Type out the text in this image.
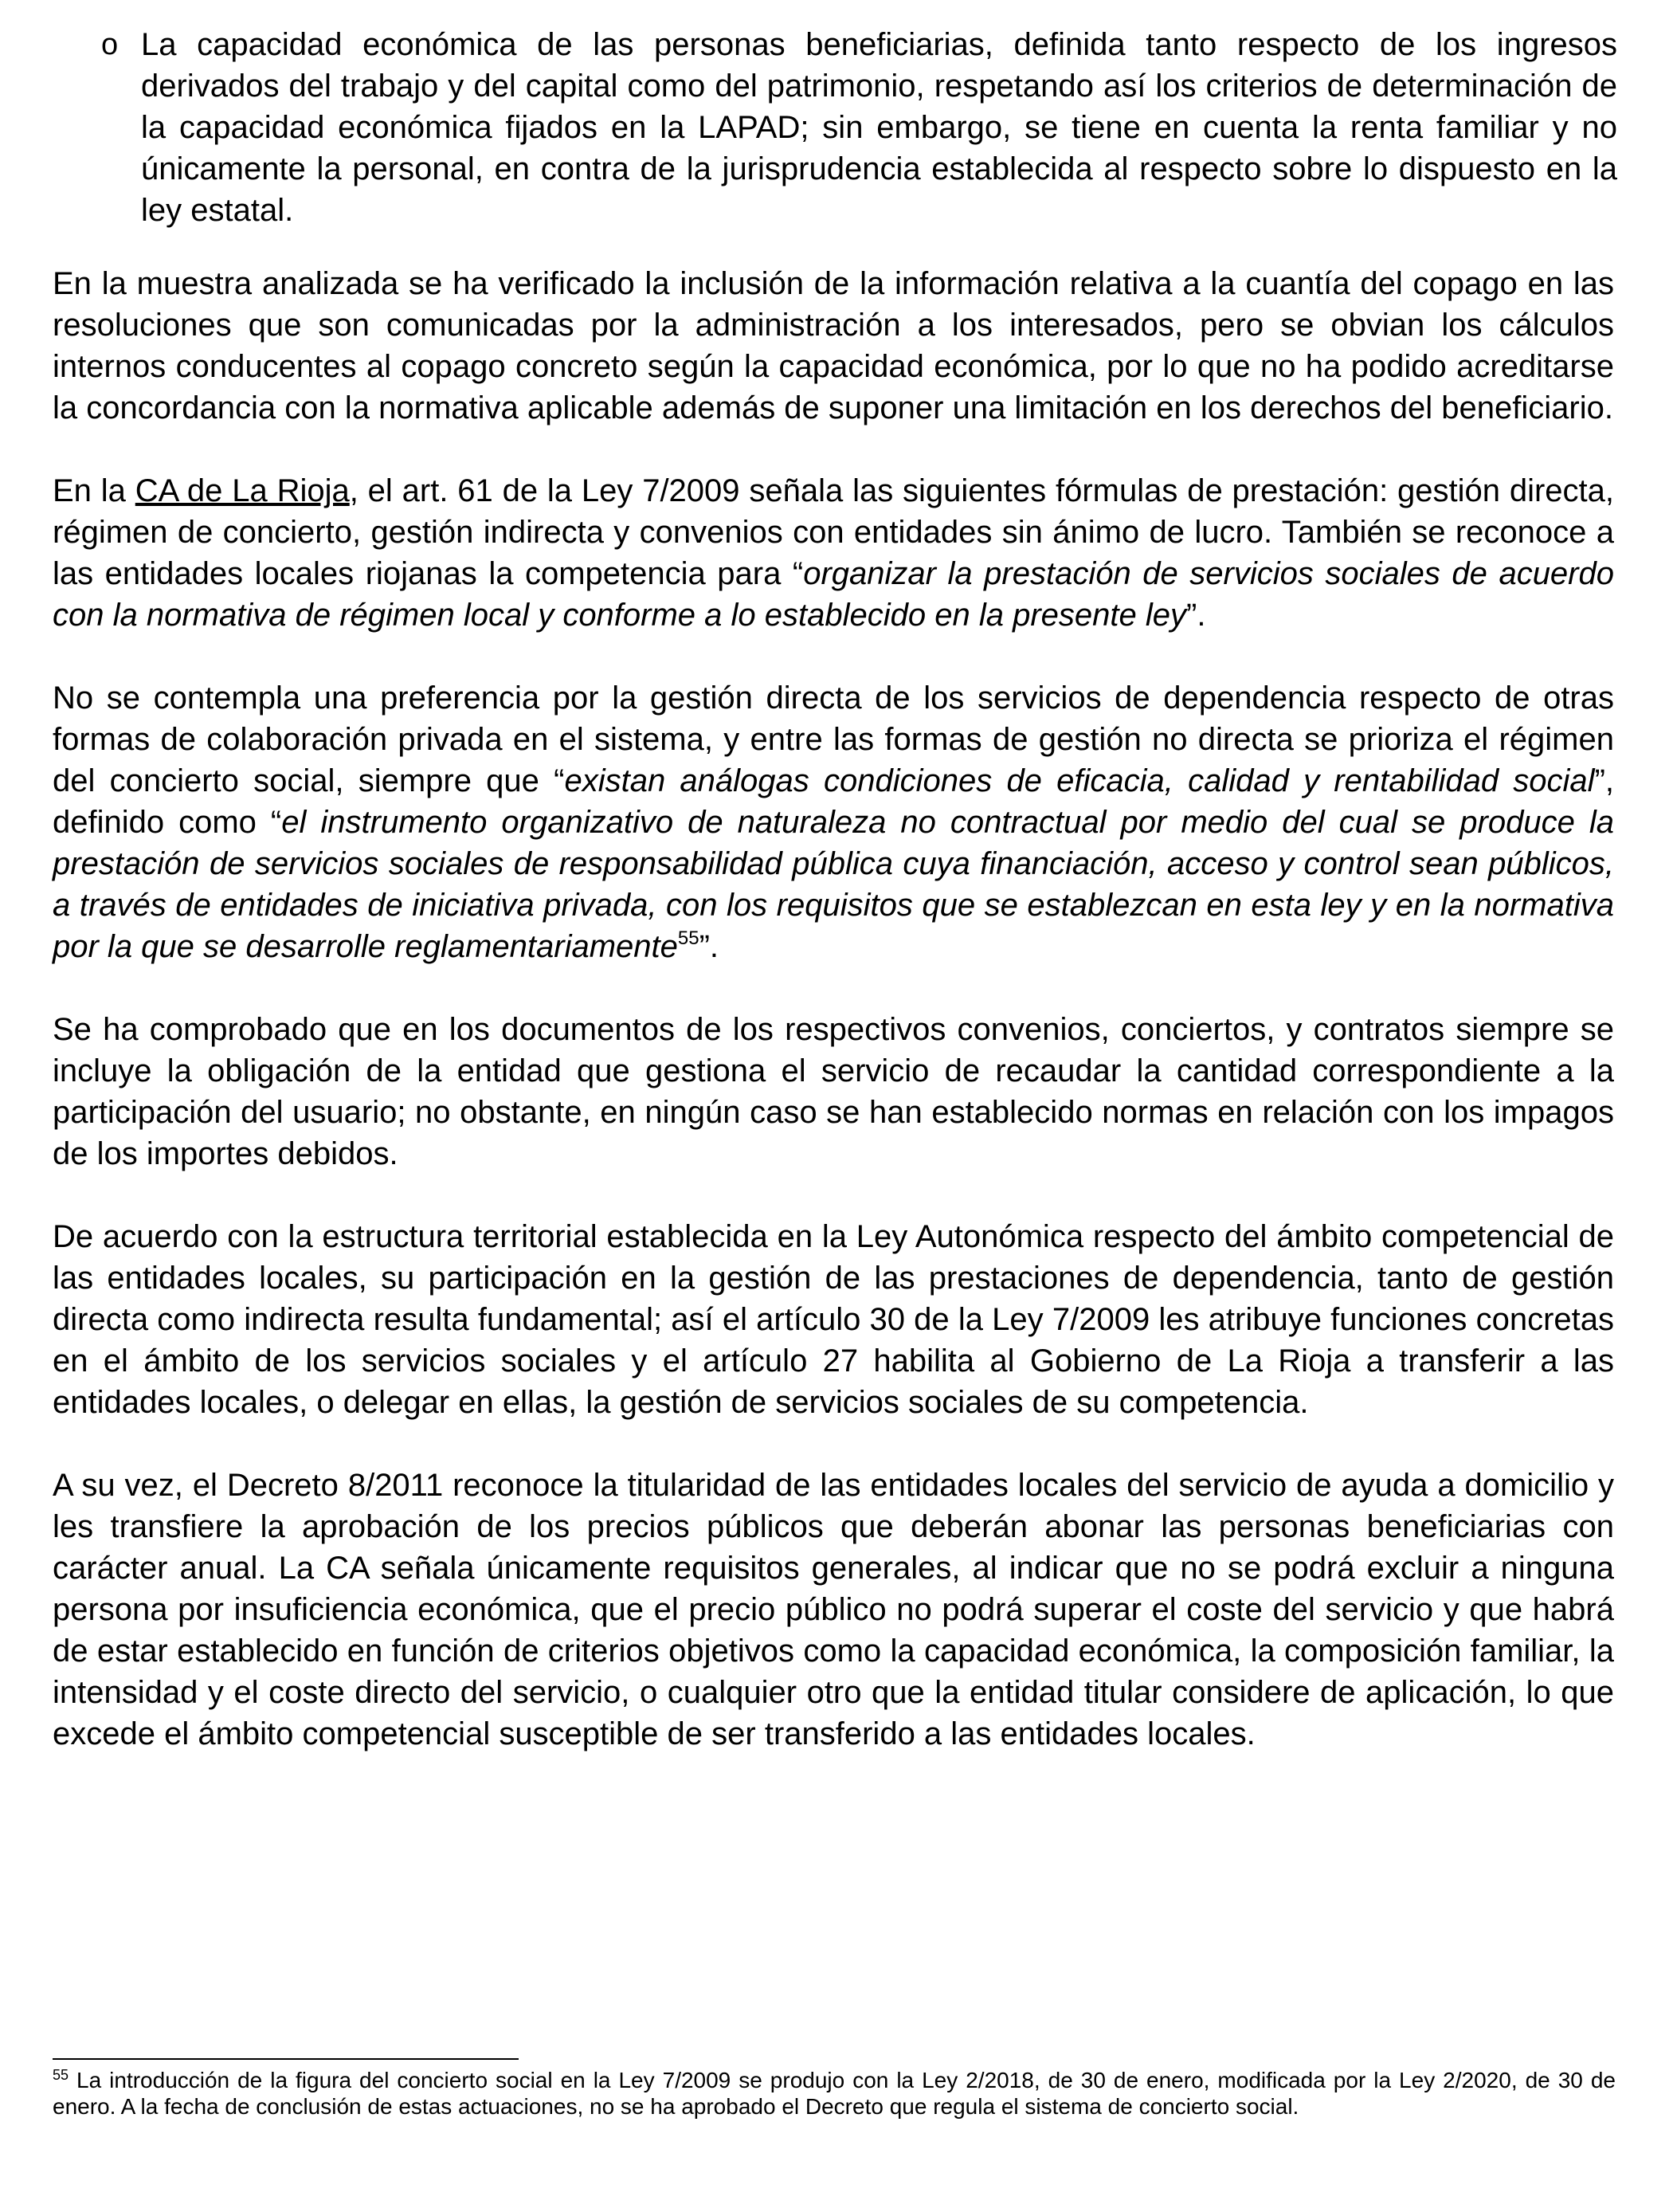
o La capacidad económica de las personas beneficiarias, definida tanto respecto de los ingresos derivados del trabajo y del capital como del patrimonio, respetando así los criterios de determinación de la capacidad económica fijados en la LAPAD; sin embargo, se tiene en cuenta la renta familiar y no únicamente la personal, en contra de la jurisprudencia establecida al respecto sobre lo dispuesto en la ley estatal.

En la muestra analizada se ha verificado la inclusión de la información relativa a la cuantía del copago en las resoluciones que son comunicadas por la administración a los interesados, pero se obvian los cálculos internos conducentes al copago concreto según la capacidad económica, por lo que no ha podido acreditarse la concordancia con la normativa aplicable además de suponer una limitación en los derechos del beneficiario.

En la CA de La Rioja, el art. 61 de la Ley 7/2009 señala las siguientes fórmulas de prestación: gestión directa, régimen de concierto, gestión indirecta y convenios con entidades sin ánimo de lucro. También se reconoce a las entidades locales riojanas la competencia para “organizar la prestación de servicios sociales de acuerdo con la normativa de régimen local y conforme a lo establecido en la presente ley”.

No se contempla una preferencia por la gestión directa de los servicios de dependencia respecto de otras formas de colaboración privada en el sistema, y entre las formas de gestión no directa se prioriza el régimen del concierto social, siempre que “existan análogas condiciones de eficacia, calidad y rentabilidad social”, definido como “el instrumento organizativo de naturaleza no contractual por medio del cual se produce la prestación de servicios sociales de responsabilidad pública cuya financiación, acceso y control sean públicos, a través de entidades de iniciativa privada, con los requisitos que se establezcan en esta ley y en la normativa por la que se desarrolle reglamentariamente$^{55}$”.

Se ha comprobado que en los documentos de los respectivos convenios, conciertos, y contratos siempre se incluye la obligación de la entidad que gestiona el servicio de recaudar la cantidad correspondiente a la participación del usuario; no obstante, en ningún caso se han establecido normas en relación con los impagos de los importes debidos.

De acuerdo con la estructura territorial establecida en la Ley Autonómica respecto del ámbito competencial de las entidades locales, su participación en la gestión de las prestaciones de dependencia, tanto de gestión directa como indirecta resulta fundamental; así el artículo 30 de la Ley 7/2009 les atribuye funciones concretas en el ámbito de los servicios sociales y el artículo 27 habilita al Gobierno de La Rioja a transferir a las entidades locales, o delegar en ellas, la gestión de servicios sociales de su competencia.

A su vez, el Decreto 8/2011 reconoce la titularidad de las entidades locales del servicio de ayuda a domicilio y les transfiere la aprobación de los precios públicos que deberán abonar las personas beneficiarias con carácter anual. La CA señala únicamente requisitos generales, al indicar que no se podrá excluir a ninguna persona por insuficiencia económica, que el precio público no podrá superar el coste del servicio y que habrá de estar establecido en función de criterios objetivos como la capacidad económica, la composición familiar, la intensidad y el coste directo del servicio, o cualquier otro que la entidad titular considere de aplicación, lo que excede el ámbito competencial susceptible de ser transferido a las entidades locales.

$^{55}$ La introducción de la figura del concierto social en la Ley 7/2009 se produjo con la Ley 2/2018, de 30 de enero, modificada por la Ley 2/2020, de 30 de enero. A la fecha de conclusión de estas actuaciones, no se ha aprobado el Decreto que regula el sistema de concierto social.
